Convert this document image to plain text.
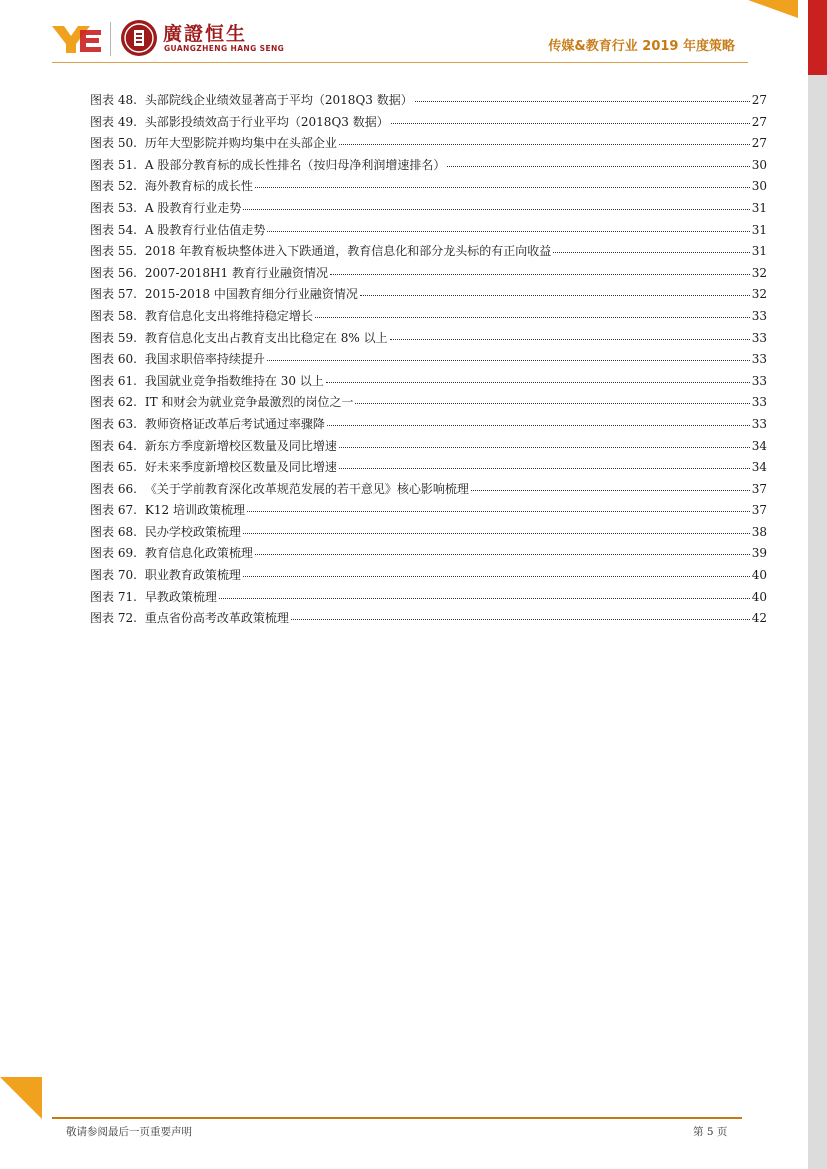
廣證恒生
GUANGZHENG HANG SENG	传媒&教育行业 2019 年度策略
图表 48. 头部院线企业绩效显著高于平均（2018Q3 数据）	27
图表 49. 头部影投绩效高于行业平均（2018Q3 数据）	27
图表 50. 历年大型影院并购均集中在头部企业	27
图表 51. A 股部分教育标的成长性排名（按归母净利润增速排名）	30
图表 52. 海外教育标的成长性	30
图表 53. A 股教育行业走势	31
图表 54. A 股教育行业估值走势	31
图表 55. 2018 年教育板块整体进入下跌通道，教育信息化和部分龙头标的有正向收益	31
图表 56. 2007-2018H1 教育行业融资情况	32
图表 57. 2015-2018 中国教育细分行业融资情况	32
图表 58. 教育信息化支出将维持稳定增长	33
图表 59. 教育信息化支出占教育支出比稳定在 8% 以上	33
图表 60. 我国求职倍率持续提升	33
图表 61. 我国就业竞争指数维持在 30 以上	33
图表 62. IT 和财会为就业竞争最激烈的岗位之一	33
图表 63. 教师资格证改革后考试通过率骤降	33
图表 64. 新东方季度新增校区数量及同比增速	34
图表 65. 好未来季度新增校区数量及同比增速	34
图表 66. 《关于学前教育深化改革规范发展的若干意见》核心影响梳理	37
图表 67. K12 培训政策梳理	37
图表 68. 民办学校政策梳理	38
图表 69. 教育信息化政策梳理	39
图表 70. 职业教育政策梳理	40
图表 71. 早教政策梳理	40
图表 72. 重点省份高考改革政策梳理	42
敬请参阅最后一页重要声明	第 5 页
